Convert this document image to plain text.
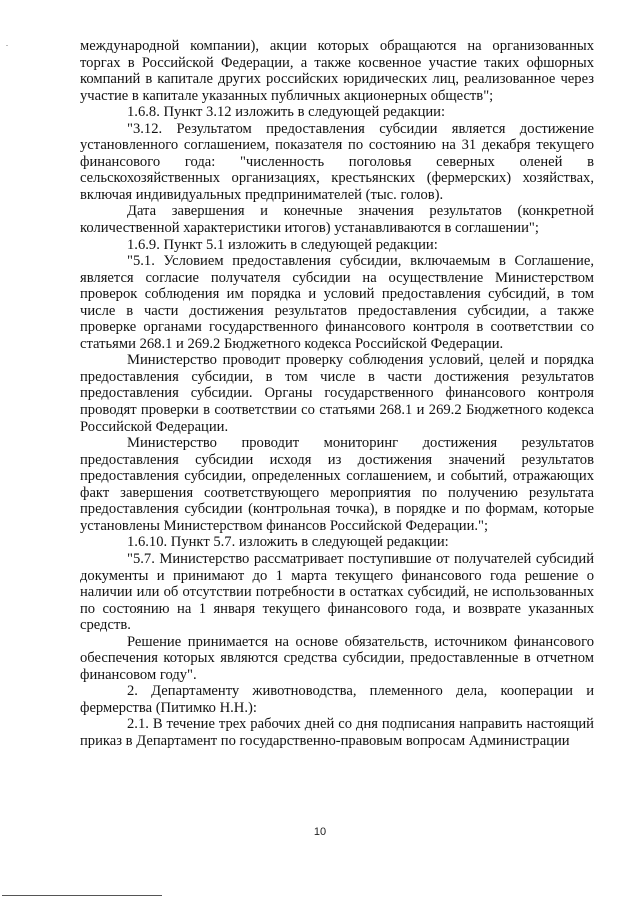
международной компании), акции которых обращаются на организованных торгах в Российской Федерации, а также косвенное участие таких офшорных компаний в капитале других российских юридических лиц, реализованное через участие в капитале указанных публичных акционерных обществ";

1.6.8. Пункт 3.12 изложить в следующей редакции:

"3.12. Результатом предоставления субсидии является достижение установленного соглашением, показателя по состоянию на 31 декабря текущего финансового года: "численность поголовья северных оленей в сельскохозяйственных организациях, крестьянских (фермерских) хозяйствах, включая индивидуальных предпринимателей (тыс. голов).

Дата завершения и конечные значения результатов (конкретной количественной характеристики итогов) устанавливаются в соглашении";

1.6.9. Пункт 5.1 изложить в следующей редакции:

"5.1. Условием предоставления субсидии, включаемым в Соглашение, является согласие получателя субсидии на осуществление Министерством проверок соблюдения им порядка и условий предоставления субсидий, в том числе в части достижения результатов предоставления субсидии, а также проверке органами государственного финансового контроля в соответствии со статьями 268.1 и 269.2 Бюджетного кодекса Российской Федерации.

Министерство проводит проверку соблюдения условий, целей и порядка предоставления субсидии, в том числе в части достижения результатов предоставления субсидии. Органы государственного финансового контроля проводят проверки в соответствии со статьями 268.1 и 269.2 Бюджетного кодекса Российской Федерации.

Министерство проводит мониторинг достижения результатов предоставления субсидии исходя из достижения значений результатов предоставления субсидии, определенных соглашением, и событий, отражающих факт завершения соответствующего мероприятия по получению результата предоставления субсидии (контрольная точка), в порядке и по формам, которые установлены Министерством финансов Российской Федерации.";

1.6.10. Пункт 5.7. изложить в следующей редакции:

"5.7. Министерство рассматривает поступившие от получателей субсидий документы и принимают до 1 марта текущего финансового года решение о наличии или об отсутствии потребности в остатках субсидий, не использованных по состоянию на 1 января текущего финансового года, и возврате указанных средств.

Решение принимается на основе обязательств, источником финансового обеспечения которых являются средства субсидии, предоставленные в отчетном финансовом году".

2. Департаменту животноводства, племенного дела, кооперации и фермерства (Питимко Н.Н.):

2.1. В течение трех рабочих дней со дня подписания направить настоящий приказ в Департамент по государственно-правовым вопросам Администрации

10
